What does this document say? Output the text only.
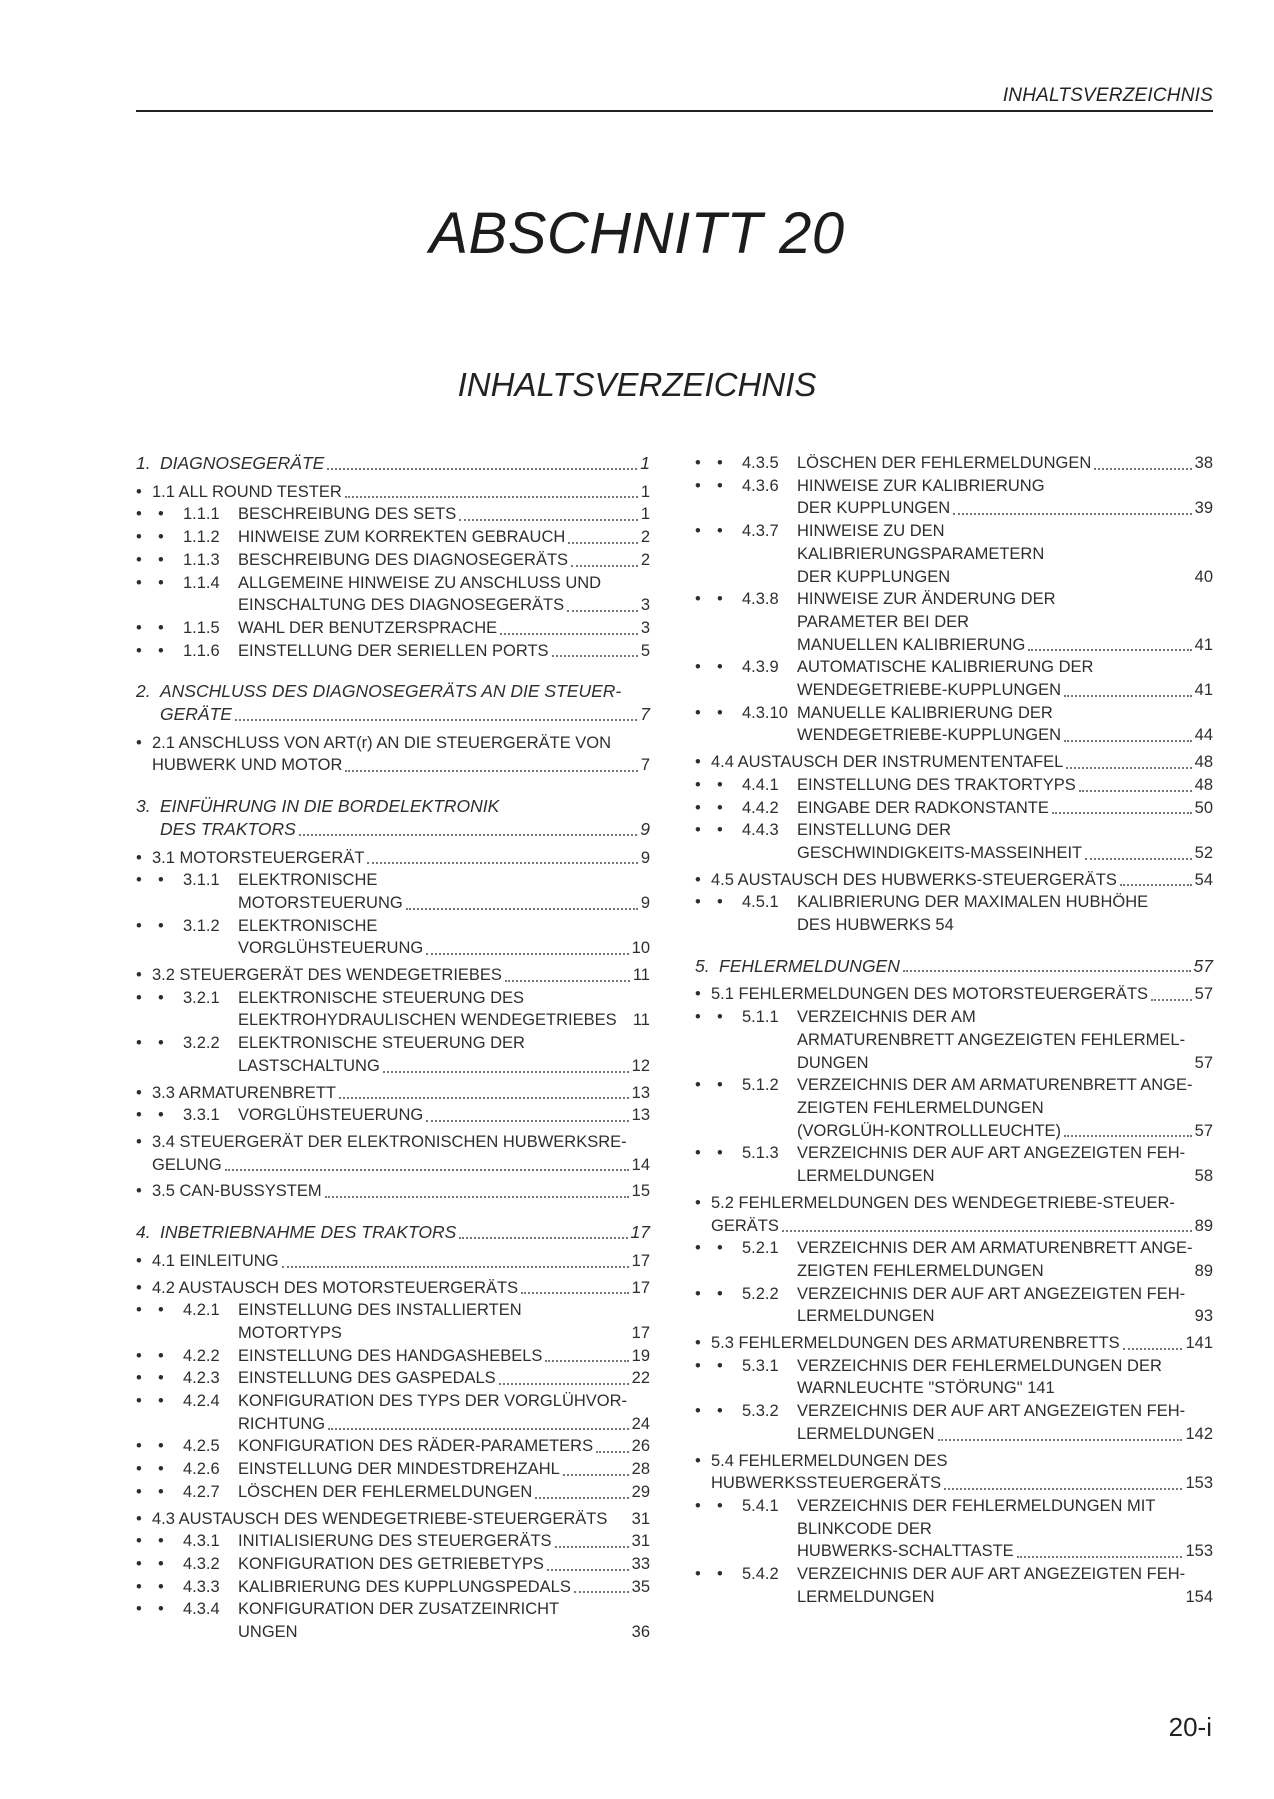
INHALTSVERZEICHNIS
ABSCHNITT 20
INHALTSVERZEICHNIS
1. DIAGNOSEGERÄTE	1
• 1.1 ALL ROUND TESTER	1
• •	1.1.1 BESCHREIBUNG DES SETS	1
• •	1.1.2 HINWEISE ZUM KORREKTEN GEBRAUCH	2
• •	1.1.3 BESCHREIBUNG DES DIAGNOSEGERÄTS	2
• •	1.1.4 ALLGEMEINE HINWEISE ZU ANSCHLUSS UND
EINSCHALTUNG DES DIAGNOSEGERÄTS	3
• •	1.1.5 WAHL DER BENUTZERSPRACHE	3
• •	1.1.6 EINSTELLUNG DER SERIELLEN PORTS	5
2. ANSCHLUSS DES DIAGNOSEGERÄTS AN DIE STEUER-
GERÄTE	7
• 2.1 ANSCHLUSS VON ART(r) AN DIE STEUERGERÄTE VON
HUBWERK UND MOTOR	7
3. EINFÜHRUNG IN DIE BORDELEKTRONIK
DES TRAKTORS	9
• 3.1 MOTORSTEUERGERÄT	9
• •	3.1.1 ELEKTRONISCHE
MOTORSTEUERUNG	9
• •	3.1.2 ELEKTRONISCHE
VORGLÜHSTEUERUNG	10
• 3.2 STEUERGERÄT DES WENDEGETRIEBES	11
• •	3.2.1 ELEKTRONISCHE STEUERUNG DES
ELEKTROHYDRAULISCHEN WENDEGETRIEBES 11
• •	3.2.2 ELEKTRONISCHE STEUERUNG DER
LASTSCHALTUNG	12
• 3.3 ARMATURENBRETT	13
• •	3.3.1 VORGLÜHSTEUERUNG	13
• 3.4 STEUERGERÄT DER ELEKTRONISCHEN HUBWERKSRE-
GELUNG	14
• 3.5 CAN-BUSSYSTEM	15
4. INBETRIEBNAHME DES TRAKTORS	17
• 4.1 EINLEITUNG	17
• 4.2 AUSTAUSCH DES MOTORSTEUERGERÄTS	17
• •	4.2.1 EINSTELLUNG DES INSTALLIERTEN
MOTORTYPS	17
• •	4.2.2 EINSTELLUNG DES HANDGASHEBELS	19
• •	4.2.3 EINSTELLUNG DES GASPEDALS	22
• •	4.2.4 KONFIGURATION DES TYPS DER VORGLÜHVOR-
RICHTUNG	24
• •	4.2.5 KONFIGURATION DES RÄDER-PARAMETERS 26
• •	4.2.6 EINSTELLUNG DER MINDESTDREHZAHL	28
• •	4.2.7 LÖSCHEN DER FEHLERMELDUNGEN	29
• 4.3 AUSTAUSCH DES WENDEGETRIEBE-STEUERGERÄTS 31
• •	4.3.1 INITIALISIERUNG DES STEUERGERÄTS	31
• •	4.3.2 KONFIGURATION DES GETRIEBETYPS	33
• •	4.3.3 KALIBRIERUNG DES KUPPLUNGSPEDALS	35
• •	4.3.4 KONFIGURATION DER ZUSATZEINRICHT
UNGEN	36
• •	4.3.5 LÖSCHEN DER FEHLERMELDUNGEN	38
• •	4.3.6 HINWEISE ZUR KALIBRIERUNG
DER KUPPLUNGEN	39
• •	4.3.7 HINWEISE ZU DEN
KALIBRIERUNGSPARAMETERN
DER KUPPLUNGEN	40
• •	4.3.8 HINWEISE ZUR ÄNDERUNG DER
PARAMETER BEI DER
MANUELLEN KALIBRIERUNG	41
• •	4.3.9 AUTOMATISCHE KALIBRIERUNG DER
WENDEGETRIEBE-KUPPLUNGEN	41
• •	4.3.10 MANUELLE KALIBRIERUNG DER
WENDEGETRIEBE-KUPPLUNGEN	44
• 4.4 AUSTAUSCH DER INSTRUMENTENTAFEL	48
• •	4.4.1 EINSTELLUNG DES TRAKTORTYPS	48
• •	4.4.2 EINGABE DER RADKONSTANTE	50
• •	4.4.3 EINSTELLUNG DER
GESCHWINDIGKEITS-MASSEINHEIT	52
• 4.5 AUSTAUSCH DES HUBWERKS-STEUERGERÄTS	54
• •	4.5.1 KALIBRIERUNG DER MAXIMALEN HUBHÖHE
DES HUBWERKS 54
5. FEHLERMELDUNGEN	57
• 5.1 FEHLERMELDUNGEN DES MOTORSTEUERGERÄTS	57
• •	5.1.1 VERZEICHNIS DER AM
ARMATURENBRETT ANGEZEIGTEN FEHLERMEL-
DUNGEN	57
• •	5.1.2 VERZEICHNIS DER AM ARMATURENBRETT ANGE-
ZEIGTEN FEHLERMELDUNGEN
(VORGLÜH-KONTROLLLEUCHTE)	57
• •	5.1.3 VERZEICHNIS DER AUF ART ANGEZEIGTEN FEH-
LERMELDUNGEN	58
• 5.2 FEHLERMELDUNGEN DES WENDEGETRIEBE-STEUER-
GERÄTS	89
• •	5.2.1 VERZEICHNIS DER AM ARMATURENBRETT ANGE-
ZEIGTEN FEHLERMELDUNGEN	89
• •	5.2.2 VERZEICHNIS DER AUF ART ANGEZEIGTEN FEH-
LERMELDUNGEN	93
• 5.3 FEHLERMELDUNGEN DES ARMATURENBRETTS	141
• •	5.3.1 VERZEICHNIS DER FEHLERMELDUNGEN DER
WARNLEUCHTE "STÖRUNG" 141
• •	5.3.2 VERZEICHNIS DER AUF ART ANGEZEIGTEN FEH-
LERMELDUNGEN	142
• 5.4 FEHLERMELDUNGEN DES
HUBWERKSSTEUERGERÄTS	153
• •	5.4.1 VERZEICHNIS DER FEHLERMELDUNGEN MIT
BLINKCODE DER
HUBWERKS-SCHALTTASTE	153
• •	5.4.2 VERZEICHNIS DER AUF ART ANGEZEIGTEN FEH-
LERMELDUNGEN	154
20-i
